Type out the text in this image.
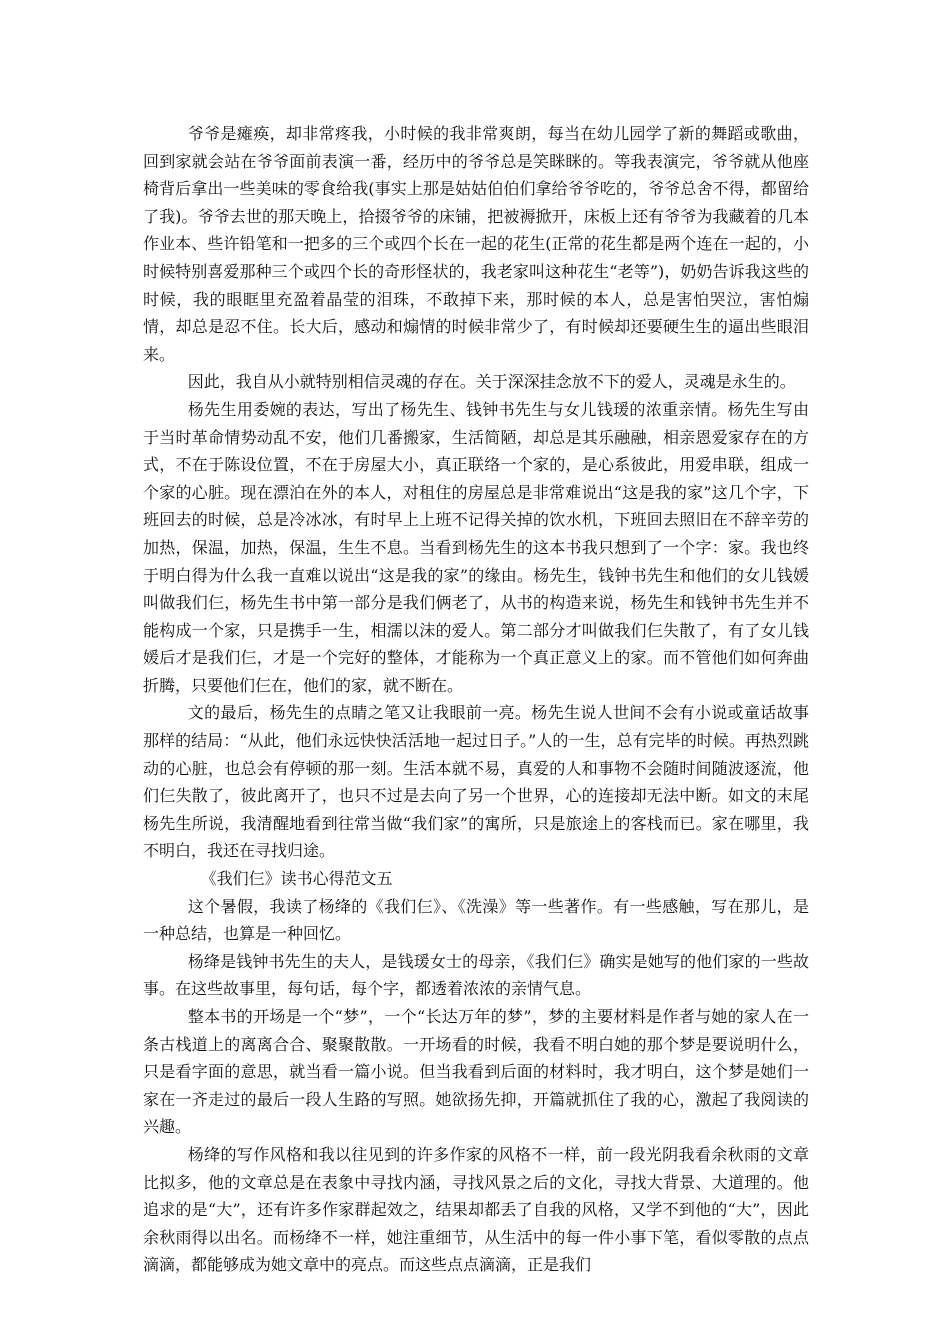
爷爷是瘫痪，却非常疼我，小时候的我非常爽朗，每当在幼儿园学了新的舞蹈或歌曲，回到家就会站在爷爷面前表演一番，经历中的爷爷总是笑眯眯的。等我表演完，爷爷就从他座椅背后拿出一些美味的零食给我(事实上那是姑姑伯伯们拿给爷爷吃的，爷爷总舍不得，都留给了我)。爷爷去世的那天晚上，拾掇爷爷的床铺，把被褥掀开，床板上还有爷爷为我藏着的几本作业本、些许铅笔和一把多的三个或四个长在一起的花生(正常的花生都是两个连在一起的，小时候特别喜爱那种三个或四个长的奇形怪状的，我老家叫这种花生“老等”)，奶奶告诉我这些的时候，我的眼眶里充盈着晶莹的泪珠，不敢掉下来，那时候的本人，总是害怕哭泣，害怕煽情，却总是忍不住。长大后，感动和煽情的时候非常少了，有时候却还要硬生生的逼出些眼泪来。

因此，我自从小就特别相信灵魂的存在。关于深深挂念放不下的爱人，灵魂是永生的。

杨先生用委婉的表达，写出了杨先生、钱钟书先生与女儿钱瑗的浓重亲情。杨先生写由于当时革命情势动乱不安，他们几番搬家，生活简陋，却总是其乐融融，相亲恩爱家存在的方式，不在于陈设位置，不在于房屋大小，真正联络一个家的，是心系彼此，用爱串联，组成一个家的心脏。现在漂泊在外的本人，对租住的房屋总是非常难说出“这是我的家”这几个字，下班回去的时候，总是冷冰冰，有时早上上班不记得关掉的饮水机，下班回去照旧在不辞辛劳的加热，保温，加热，保温，生生不息。当看到杨先生的这本书我只想到了一个字：家。我也终于明白得为什么我一直难以说出“这是我的家”的缘由。杨先生，钱钟书先生和他们的女儿钱媛叫做我们仨，杨先生书中第一部分是我们俩老了，从书的构造来说，杨先生和钱钟书先生并不能构成一个家，只是携手一生，相濡以沫的爱人。第二部分才叫做我们仨失散了，有了女儿钱媛后才是我们仨，才是一个完好的整体，才能称为一个真正意义上的家。而不管他们如何奔曲折腾，只要他们仨在，他们的家，就不断在。

文的最后，杨先生的点睛之笔又让我眼前一亮。杨先生说人世间不会有小说或童话故事那样的结局：“从此，他们永远快快活活地一起过日子。”人的一生，总有完毕的时候。再热烈跳动的心脏，也总会有停顿的那一刻。生活本就不易，真爱的人和事物不会随时间随波逐流，他们仨失散了，彼此离开了，也只不过是去向了另一个世界，心的连接却无法中断。如文的末尾杨先生所说，我清醒地看到往常当做“我们家”的寓所，只是旅途上的客栈而已。家在哪里，我不明白，我还在寻找归途。

《我们仨》读书心得范文五

这个暑假，我读了杨绛的《我们仨》、《洗澡》等一些著作。有一些感触，写在那儿，是一种总结，也算是一种回忆。

杨绛是钱钟书先生的夫人，是钱瑗女士的母亲，《我们仨》确实是她写的他们家的一些故事。在这些故事里，每句话，每个字，都透着浓浓的亲情气息。

整本书的开场是一个“梦”，一个“长达万年的梦”，梦的主要材料是作者与她的家人在一条古栈道上的离离合合、聚聚散散。一开场看的时候，我看不明白她的那个梦是要说明什么，只是看字面的意思，就当看一篇小说。但当我看到后面的材料时，我才明白，这个梦是她们一家在一齐走过的最后一段人生路的写照。她欲扬先抑，开篇就抓住了我的心，激起了我阅读的兴趣。

杨绛的写作风格和我以往见到的许多作家的风格不一样，前一段光阴我看余秋雨的文章比拟多，他的文章总是在表象中寻找内涵，寻找风景之后的文化，寻找大背景、大道理的。他追求的是“大”，还有许多作家群起效之，结果却都丢了自我的风格，又学不到他的“大”，因此余秋雨得以出名。而杨绛不一样，她注重细节，从生活中的每一件小事下笔，看似零散的点点滴滴，都能够成为她文章中的亮点。而这些点点滴滴，正是我们
